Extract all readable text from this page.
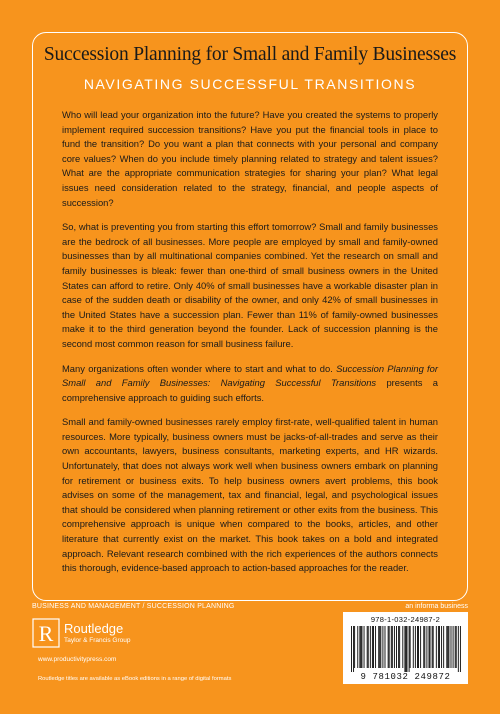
Succession Planning for Small and Family Businesses
NAVIGATING SUCCESSFUL TRANSITIONS

Who will lead your organization into the future? Have you created the systems to properly implement required succession transitions? Have you put the financial tools in place to fund the transition? Do you want a plan that connects with your personal and company core values? When do you include timely planning related to strategy and talent issues? What are the appropriate communication strategies for sharing your plan? What legal issues need consideration related to the strategy, financial, and people aspects of succession?

So, what is preventing you from starting this effort tomorrow? Small and family businesses are the bedrock of all businesses. More people are employed by small and family-owned businesses than by all multinational companies combined. Yet the research on small and family businesses is bleak: fewer than one-third of small business owners in the United States can afford to retire. Only 40% of small businesses have a workable disaster plan in case of the sudden death or disability of the owner, and only 42% of small businesses in the United States have a succession plan. Fewer than 11% of family-owned businesses make it to the third generation beyond the founder. Lack of succession planning is the second most common reason for small business failure.

Many organizations often wonder where to start and what to do. Succession Planning for Small and Family Businesses: Navigating Successful Transitions presents a comprehensive approach to guiding such efforts.

Small and family-owned businesses rarely employ first-rate, well-qualified talent in human resources. More typically, business owners must be jacks-of-all-trades and serve as their own accountants, lawyers, business consultants, marketing experts, and HR wizards. Unfortunately, that does not always work well when business owners embark on planning for retirement or business exits. To help business owners avert problems, this book advises on some of the management, tax and financial, legal, and psychological issues that should be considered when planning retirement or other exits from the business. This comprehensive approach is unique when compared to the books, articles, and other literature that currently exist on the market. This book takes on a bold and integrated approach. Relevant research combined with the rich experiences of the authors connects this thorough, evidence-based approach to action-based approaches for the reader.

BUSINESS AND MANAGEMENT / SUCCESSION PLANNING	an informa business
R Routledge
Taylor & Francis Group
www.productivitypress.com
Routledge titles are available as eBook editions in a range of digital formats
978-1-032-24987-2
9 781032 249872
